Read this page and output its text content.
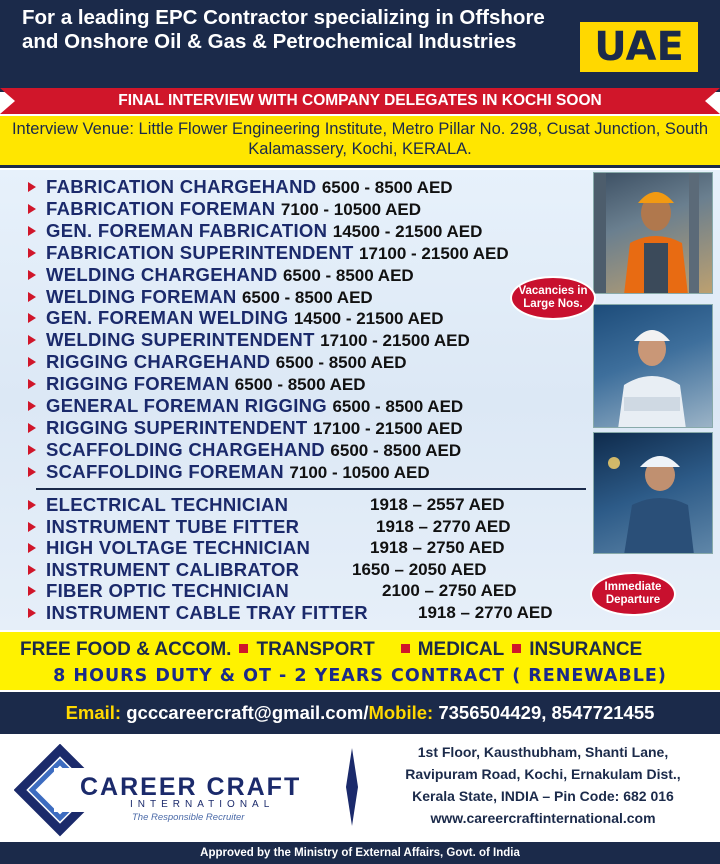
For a leading EPC Contractor specializing in Offshore and Onshore Oil & Gas & Petrochemical Industries	UAE
FINAL INTERVIEW WITH COMPANY DELEGATES IN KOCHI SOON
Interview Venue: Little Flower Engineering Institute, Metro Pillar No. 298, Cusat Junction, South Kalamassery, Kochi, KERALA.
FABRICATION CHARGEHAND 6500 - 8500 AED
FABRICATION FOREMAN 7100 - 10500 AED
GEN. FOREMAN FABRICATION 14500 - 21500 AED
FABRICATION SUPERINTENDENT 17100 - 21500 AED
WELDING CHARGEHAND 6500 - 8500 AED
WELDING FOREMAN 6500 - 8500 AED
GEN. FOREMAN WELDING 14500 - 21500 AED
WELDING SUPERINTENDENT 17100 - 21500 AED
RIGGING CHARGEHAND 6500 - 8500 AED
RIGGING FOREMAN 6500 - 8500 AED
GENERAL FOREMAN RIGGING 6500 - 8500 AED
RIGGING SUPERINTENDENT 17100 - 21500 AED
SCAFFOLDING CHARGEHAND 6500 - 8500 AED
SCAFFOLDING FOREMAN 7100 - 10500 AED
ELECTRICAL TECHNICIAN	1918 – 2557 AED
INSTRUMENT TUBE FITTER	1918 – 2770 AED
HIGH VOLTAGE TECHNICIAN	1918 – 2750 AED
INSTRUMENT CALIBRATOR	1650 – 2050 AED
FIBER OPTIC TECHNICIAN	2100 – 2750 AED
INSTRUMENT CABLE TRAY FITTER	1918 – 2770 AED
Vacancies in Large Nos.
Immediate Departure
FREE FOOD & ACCOM. TRANSPORT MEDICAL INSURANCE
8 HOURS DUTY & OT - 2 YEARS CONTRACT ( RENEWABLE)
Email: gcccareercraft@gmail.com/Mobile: 7356504429, 8547721455
CAREER CRAFT
INTERNATIONAL
The Responsible Recruiter
1st Floor, Kausthubham, Shanti Lane,
Ravipuram Road, Kochi, Ernakulam Dist.,
Kerala State, INDIA – Pin Code: 682 016
www.careercraftinternational.com
Approved by the Ministry of External Affairs, Govt. of India
